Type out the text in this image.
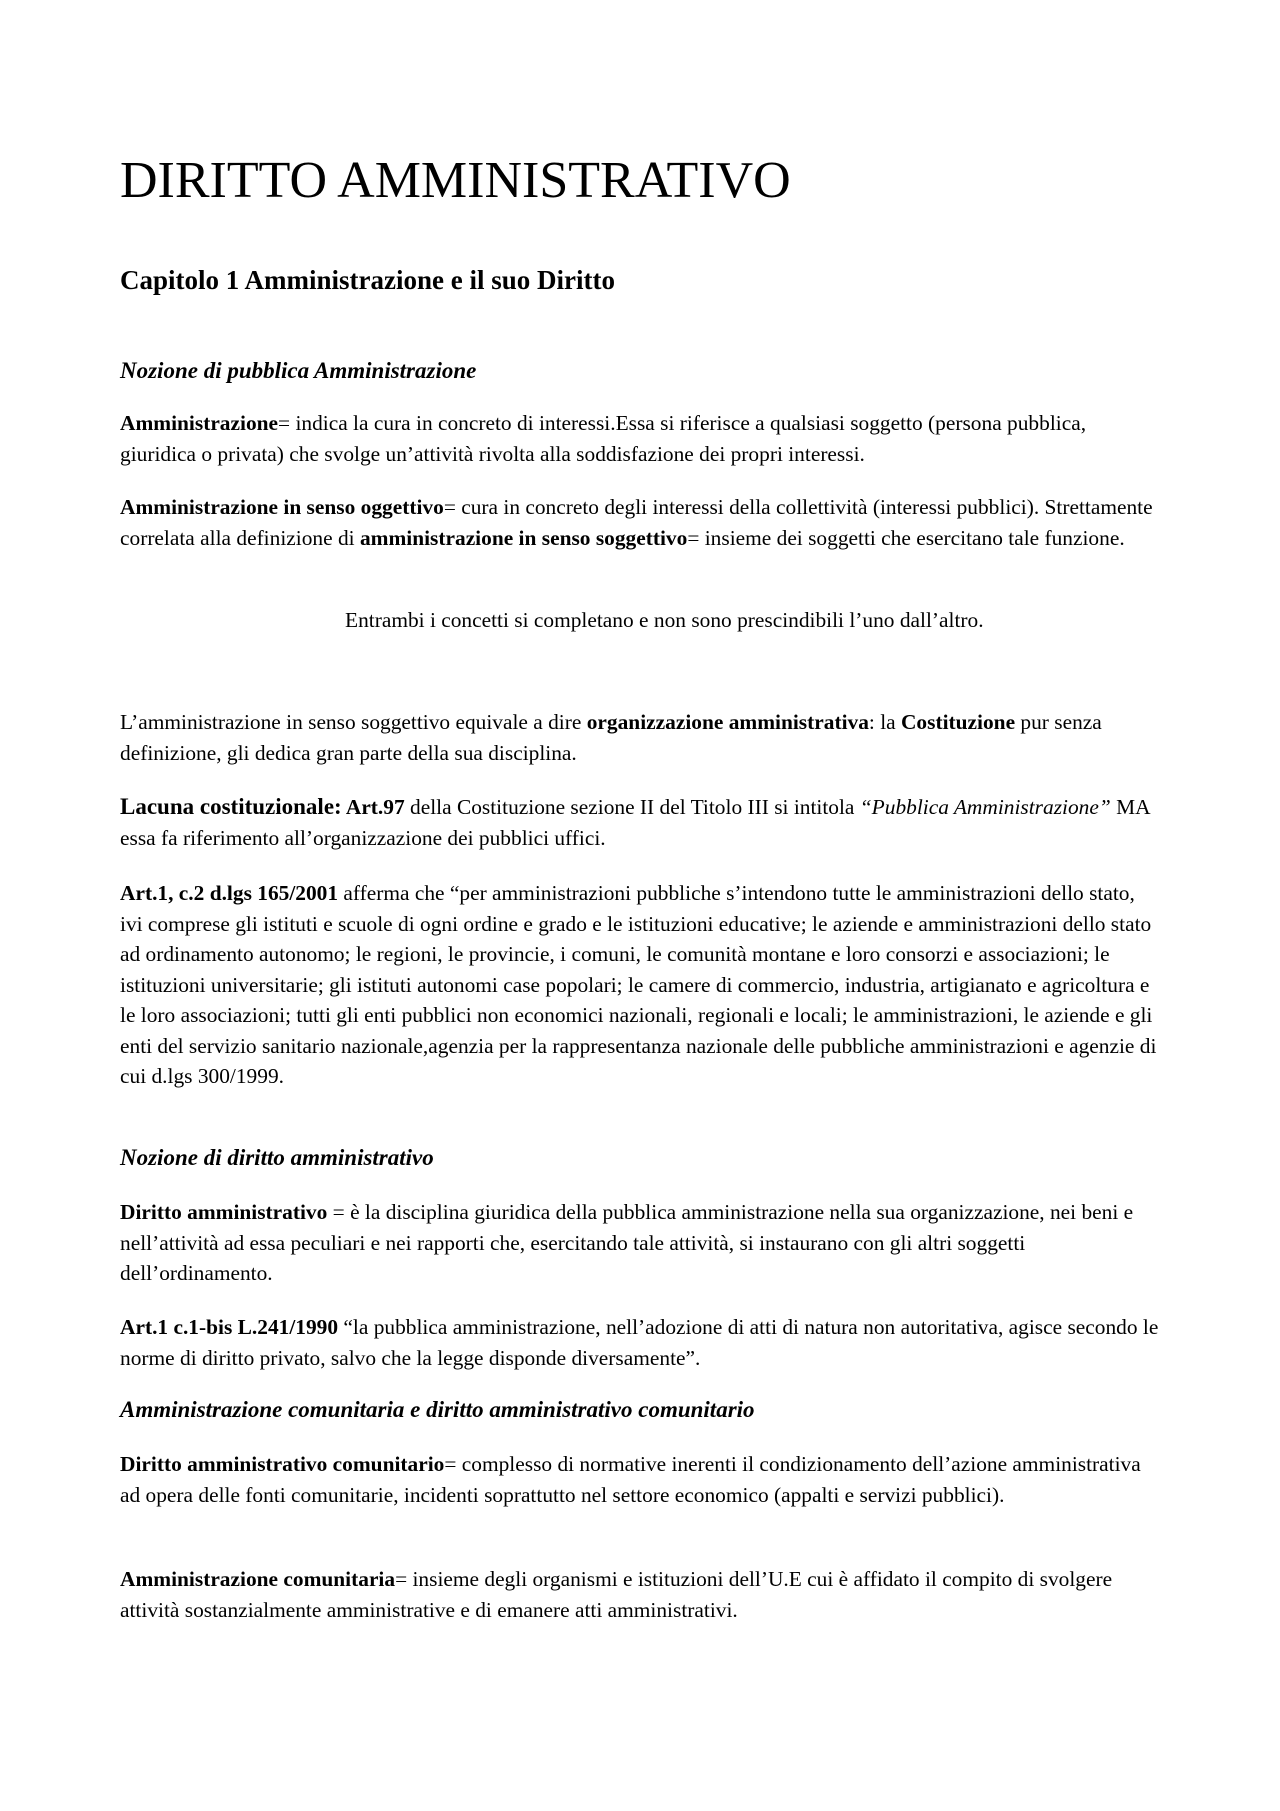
DIRITTO AMMINISTRATIVO
Capitolo 1 Amministrazione e il suo Diritto
Nozione di pubblica Amministrazione

Amministrazione= indica la cura in concreto di interessi.Essa si riferisce a qualsiasi soggetto (persona pubblica, giuridica o privata) che svolge un’attività rivolta alla soddisfazione dei propri interessi.

Amministrazione in senso oggettivo= cura in concreto degli interessi della collettività (interessi pubblici). Strettamente correlata alla definizione di amministrazione in senso soggettivo= insieme dei soggetti che esercitano tale funzione.

Entrambi i concetti si completano e non sono prescindibili l’uno dall’altro.

L’amministrazione in senso soggettivo equivale a dire organizzazione amministrativa: la Costituzione pur senza definizione, gli dedica gran parte della sua disciplina.

Lacuna costituzionale: Art.97 della Costituzione sezione II del Titolo III si intitola “Pubblica Amministrazione” MA essa fa riferimento all’organizzazione dei pubblici uffici.

Art.1, c.2 d.lgs 165/2001 afferma che “per amministrazioni pubbliche s’intendono tutte le amministrazioni dello stato, ivi comprese gli istituti e scuole di ogni ordine e grado e le istituzioni educative; le aziende e amministrazioni dello stato ad ordinamento autonomo; le regioni, le provincie, i comuni, le comunità montane e loro consorzi e associazioni; le istituzioni universitarie; gli istituti autonomi case popolari; le camere di commercio, industria, artigianato e agricoltura e le loro associazioni; tutti gli enti pubblici non economici nazionali, regionali e locali; le amministrazioni, le aziende e gli enti del servizio sanitario nazionale,agenzia per la rappresentanza nazionale delle pubbliche amministrazioni e agenzie di cui d.lgs 300/1999.

Nozione di diritto amministrativo

Diritto amministrativo = è la disciplina giuridica della pubblica amministrazione nella sua organizzazione, nei beni e nell’attività ad essa peculiari e nei rapporti che, esercitando tale attività, si instaurano con gli altri soggetti dell’ordinamento.

Art.1 c.1-bis L.241/1990 “la pubblica amministrazione, nell’adozione di atti di natura non autoritativa, agisce secondo le norme di diritto privato, salvo che la legge disponde diversamente”.

Amministrazione comunitaria e diritto amministrativo comunitario

Diritto amministrativo comunitario= complesso di normative inerenti il condizionamento dell’azione amministrativa ad opera delle fonti comunitarie, incidenti soprattutto nel settore economico (appalti e servizi pubblici).

Amministrazione comunitaria= insieme degli organismi e istituzioni dell’U.E cui è affidato il compito di svolgere attività sostanzialmente amministrative e di emanere atti amministrativi.
